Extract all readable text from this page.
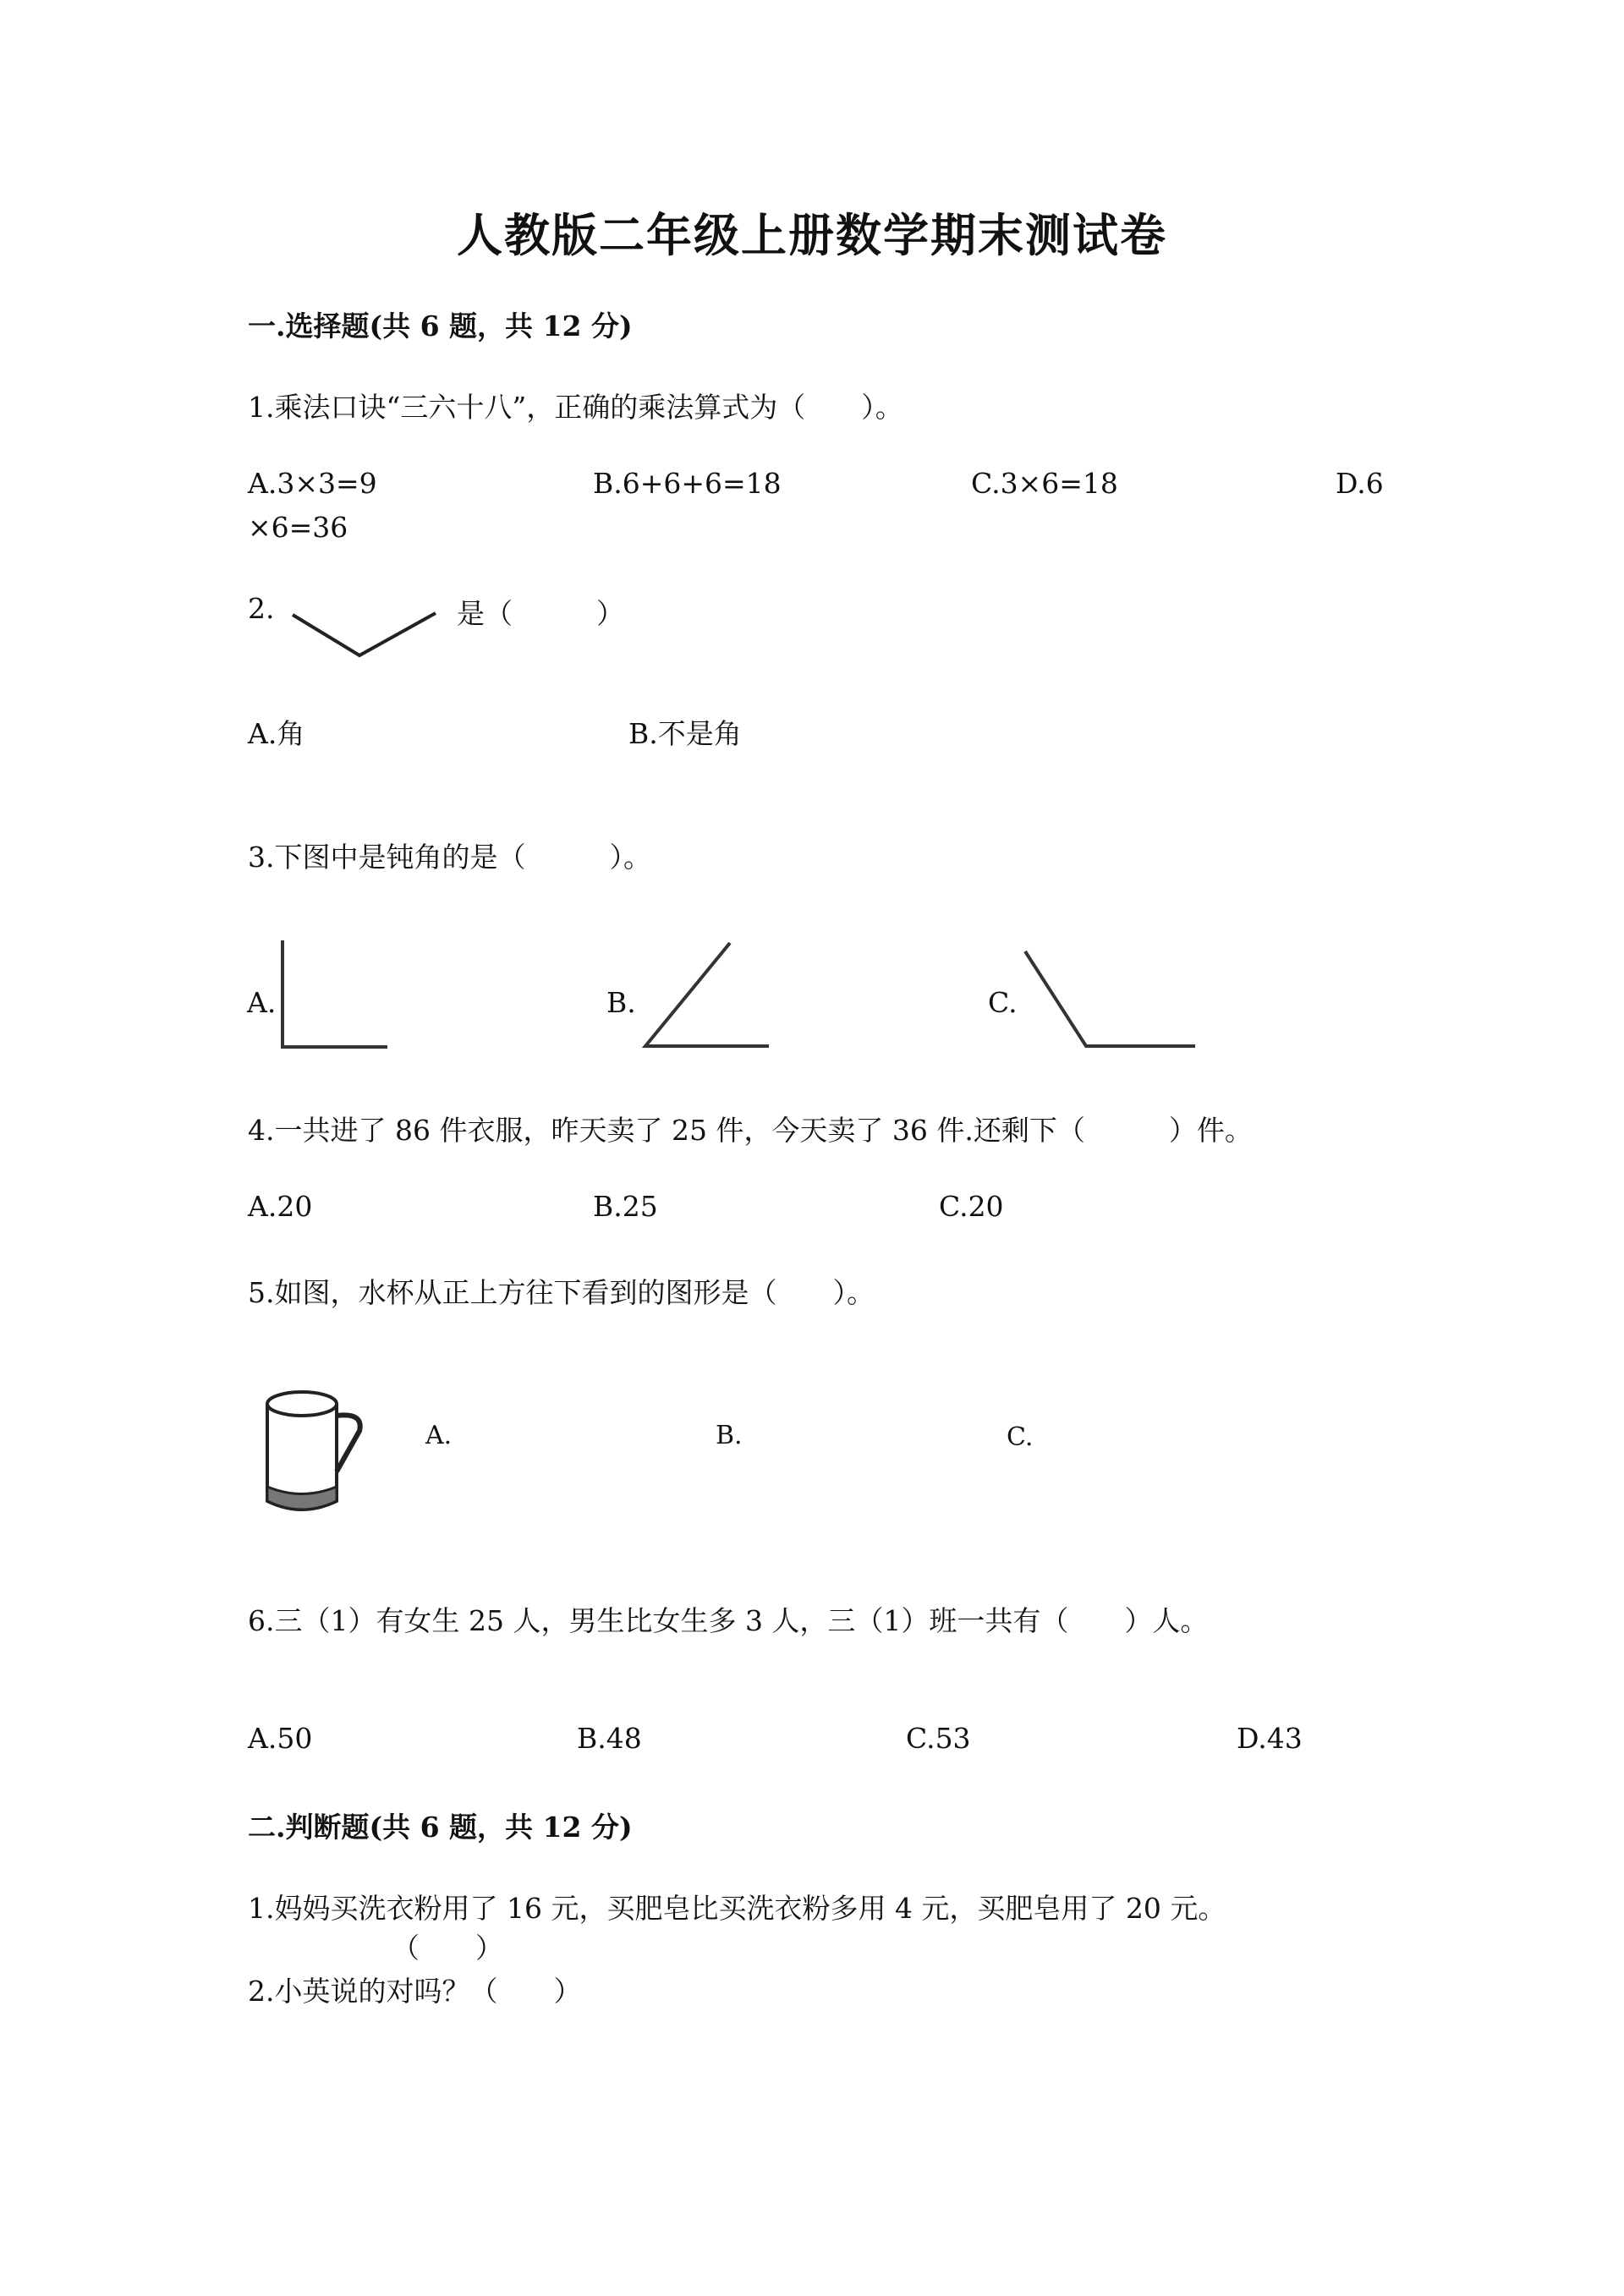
人教版二年级上册数学期末测试卷
一.选择题(共 6 题，共 12 分)
1.乘法口诀“三六十八”，正确的乘法算式为（　　）。
A.3×3=9	B.6+6+6=18	C.3×6=18	D.6
×6=36
2.	是（　　　）
A.角	B.不是角
3.下图中是钝角的是（　　　）。
A.	B.	C.
4.一共进了 86 件衣服，昨天卖了 25 件，今天卖了 36 件.还剩下（　　　）件。
A.20	B.25	C.20
5.如图，水杯从正上方往下看到的图形是（　　）。
A.	B.	C.
6.三（1）有女生 25 人，男生比女生多 3 人，三（1）班一共有（　　）人。
A.50	B.48	C.53	D.43
二.判断题(共 6 题，共 12 分)
1.妈妈买洗衣粉用了 16 元，买肥皂比买洗衣粉多用 4 元，买肥皂用了 20 元。
（　　）
2.小英说的对吗？（　　）
